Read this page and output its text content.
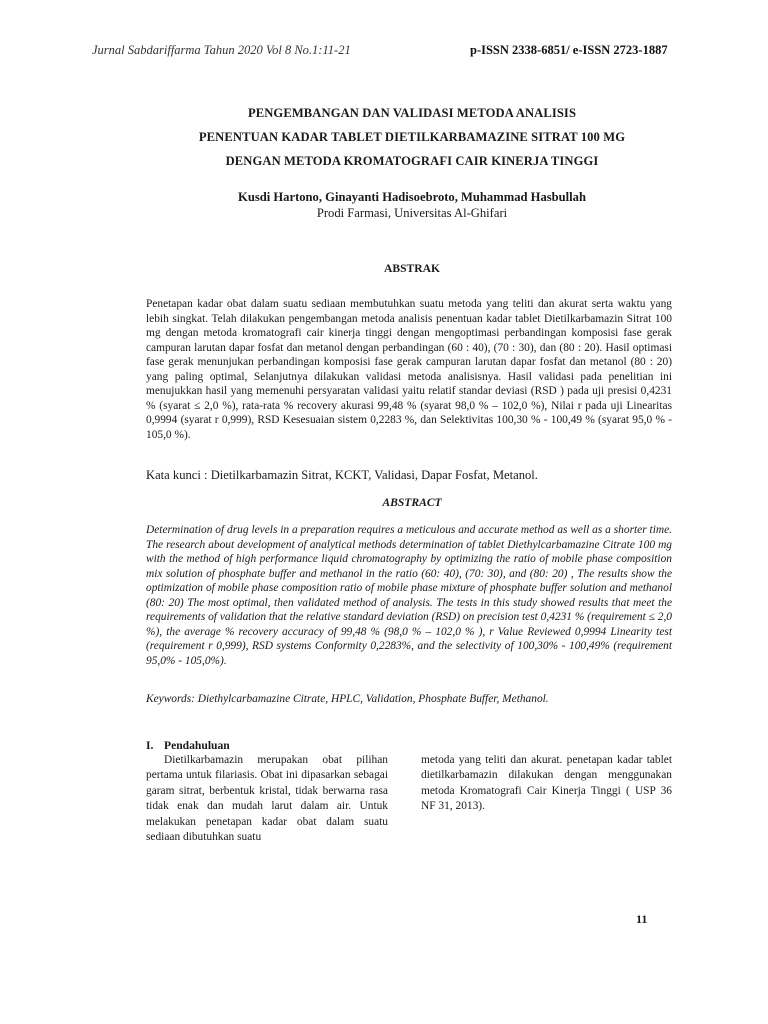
Jurnal Sabdariffarma Tahun 2020 Vol 8 No.1:11-21	p-ISSN 2338-6851/ e-ISSN 2723-1887
PENGEMBANGAN DAN VALIDASI METODA ANALISIS
PENENTUAN KADAR TABLET DIETILKARBAMAZINE SITRAT 100 MG
DENGAN METODA KROMATOGRAFI CAIR KINERJA TINGGI
Kusdi Hartono, Ginayanti Hadisoebroto, Muhammad Hasbullah
Prodi Farmasi, Universitas Al-Ghifari
ABSTRAK
Penetapan kadar obat dalam suatu sediaan membutuhkan suatu metoda yang teliti dan akurat serta waktu yang lebih singkat. Telah dilakukan pengembangan metoda analisis penentuan kadar tablet Dietilkarbamazin Sitrat 100 mg dengan metoda kromatografi cair kinerja tinggi dengan mengoptimasi perbandingan komposisi fase gerak campuran larutan dapar fosfat dan metanol dengan perbandingan (60 : 40), (70 : 30), dan (80 : 20). Hasil optimasi fase gerak menunjukan perbandingan komposisi fase gerak campuran larutan dapar fosfat dan metanol (80 : 20) yang paling optimal, Selanjutnya dilakukan validasi metoda analisisnya. Hasil validasi pada penelitian ini menujukkan hasil yang memenuhi persyaratan validasi yaitu relatif standar deviasi (RSD ) pada uji presisi 0,4231 % (syarat ≤ 2,0 %), rata-rata % recovery akurasi 99,48 % (syarat 98,0 % – 102,0 %), Nilai r pada uji Linearitas 0,9994 (syarat r 0,999), RSD Kesesuaian sistem 0,2283 %, dan Selektivitas 100,30 % - 100,49 % (syarat 95,0 % - 105,0 %).
Kata kunci : Dietilkarbamazin Sitrat, KCKT, Validasi, Dapar Fosfat, Metanol.
ABSTRACT
Determination of drug levels in a preparation requires a meticulous and accurate method as well as a shorter time. The research about development of analytical methods determination of tablet Diethylcarbamazine Citrate 100 mg with the method of high performance liquid chromatography by optimizing the ratio of mobile phase composition mix solution of phosphate buffer and methanol in the ratio (60: 40), (70: 30), and (80: 20) , The results show the optimization of mobile phase composition ratio of mobile phase mixture of phosphate buffer solution and methanol (80: 20) The most optimal, then validated method of analysis. The tests in this study showed results that meet the requirements of validation that the relative standard deviation (RSD) on precision test 0,4231 % (requirement ≤ 2,0 %), the average % recovery accuracy of 99,48 % (98,0 % – 102,0 % ), r Value Reviewed 0,9994 Linearity test (requirement r 0,999), RSD systems Conformity 0,2283%, and the selectivity of 100,30% - 100,49% (requirement 95,0% - 105,0%).
Keywords: Diethylcarbamazine Citrate, HPLC, Validation, Phosphate Buffer, Methanol.
I. Pendahuluan
Dietilkarbamazin merupakan obat pilihan pertama untuk filariasis. Obat ini dipasarkan sebagai garam sitrat, berbentuk kristal, tidak berwarna rasa tidak enak dan mudah larut dalam air. Untuk melakukan penetapan kadar obat dalam suatu sediaan dibutuhkan suatu
metoda yang teliti dan akurat. penetapan kadar tablet dietilkarbamazin dilakukan dengan menggunakan metoda Kromatografi Cair Kinerja Tinggi ( USP 36 NF 31, 2013).
11
